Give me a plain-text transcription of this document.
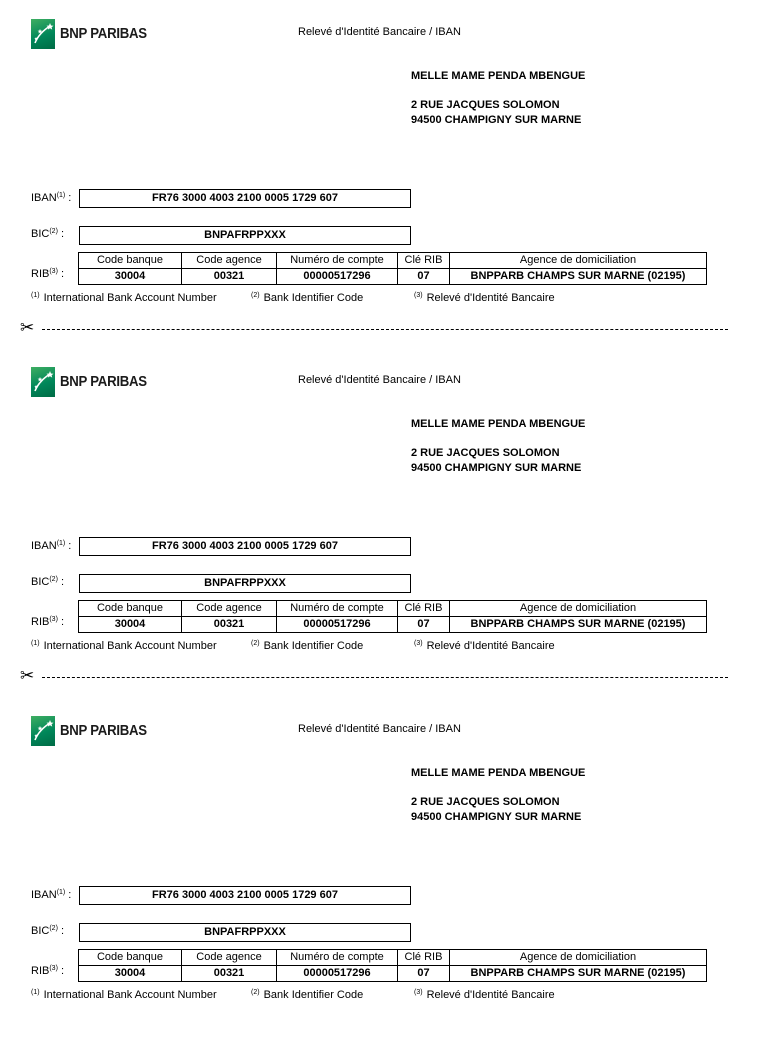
BNP PARIBAS	Relevé d'Identité Bancaire / IBAN
MELLE MAME PENDA MBENGUE
2 RUE JACQUES SOLOMON
94500 CHAMPIGNY SUR MARNE
IBAN$^{(1)}$ :	FR76 3000 4003 2100 0005 1729 607
BIC$^{(2)}$ :	BNPAFRPPXXX
RIB$^{(3)}$ :
Code banque	Code agence	Numéro de compte	Clé RIB	Agence de domiciliation
30004	00321	00000517296	07	BNPPARB CHAMPS SUR MARNE (02195)
$^{(1)}$ International Bank Account Number	$^{(2)}$ Bank Identifier Code	$^{(3)}$ Relevé d'Identité Bancaire
✂
BNP PARIBAS	Relevé d'Identité Bancaire / IBAN
MELLE MAME PENDA MBENGUE
2 RUE JACQUES SOLOMON
94500 CHAMPIGNY SUR MARNE
IBAN$^{(1)}$ :	FR76 3000 4003 2100 0005 1729 607
BIC$^{(2)}$ :	BNPAFRPPXXX
RIB$^{(3)}$ :
Code banque	Code agence	Numéro de compte	Clé RIB	Agence de domiciliation
30004	00321	00000517296	07	BNPPARB CHAMPS SUR MARNE (02195)
$^{(1)}$ International Bank Account Number	$^{(2)}$ Bank Identifier Code	$^{(3)}$ Relevé d'Identité Bancaire
✂
BNP PARIBAS	Relevé d'Identité Bancaire / IBAN
MELLE MAME PENDA MBENGUE
2 RUE JACQUES SOLOMON
94500 CHAMPIGNY SUR MARNE
IBAN$^{(1)}$ :	FR76 3000 4003 2100 0005 1729 607
BIC$^{(2)}$ :	BNPAFRPPXXX
RIB$^{(3)}$ :
Code banque	Code agence	Numéro de compte	Clé RIB	Agence de domiciliation
30004	00321	00000517296	07	BNPPARB CHAMPS SUR MARNE (02195)
$^{(1)}$ International Bank Account Number	$^{(2)}$ Bank Identifier Code	$^{(3)}$ Relevé d'Identité Bancaire
